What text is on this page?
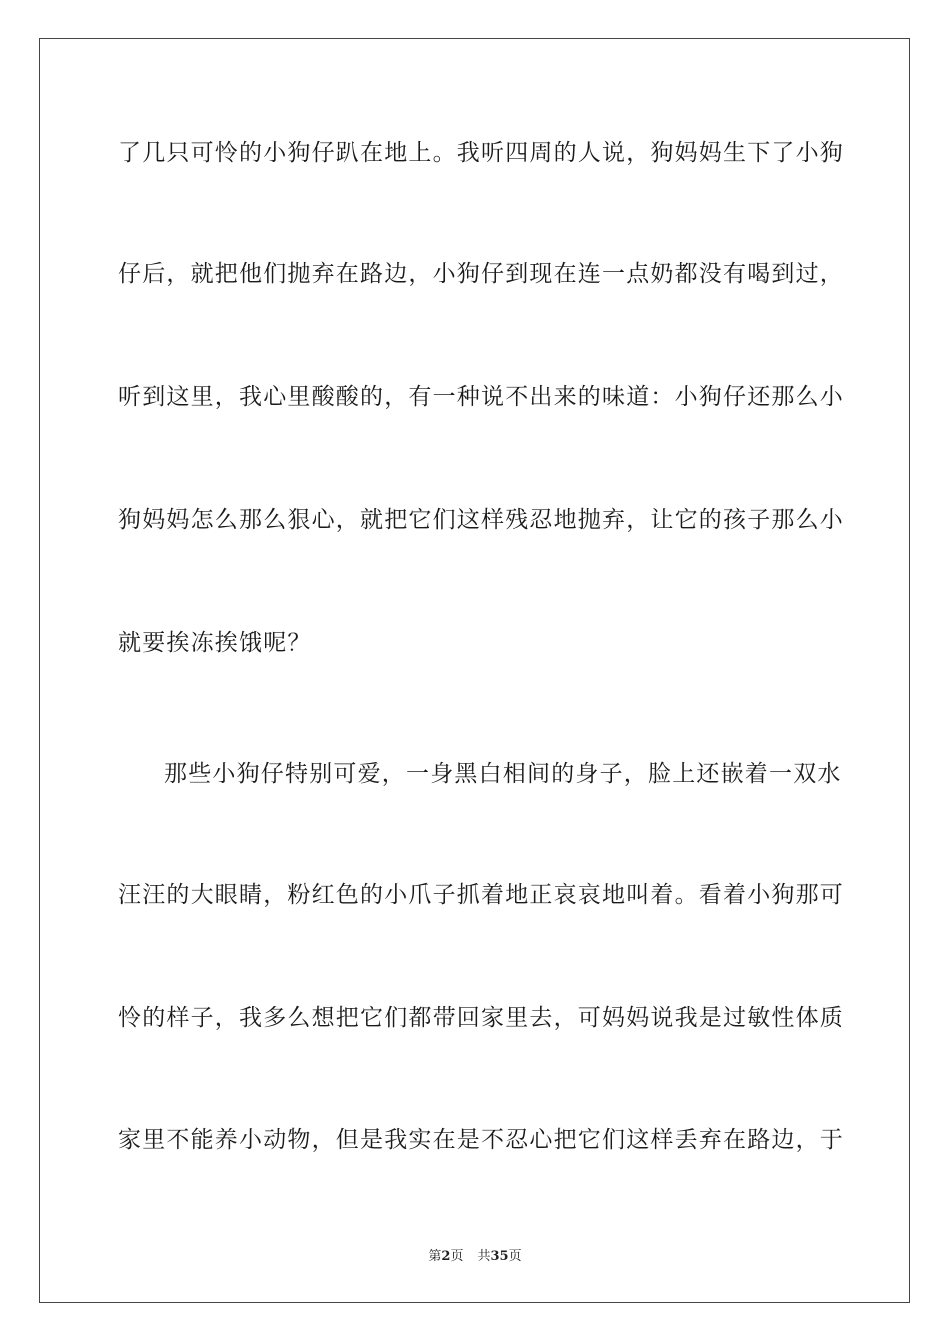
了几只可怜的小狗仔趴在地上。我听四周的人说，狗妈妈生下了小狗
仔后，就把他们抛弃在路边，小狗仔到现在连一点奶都没有喝到过，
听到这里，我心里酸酸的，有一种说不出来的味道：小狗仔还那么小
狗妈妈怎么那么狠心，就把它们这样残忍地抛弃，让它的孩子那么小
就要挨冻挨饿呢？
那些小狗仔特别可爱，一身黑白相间的身子，脸上还嵌着一双水
汪汪的大眼睛，粉红色的小爪子抓着地正哀哀地叫着。看着小狗那可
怜的样子，我多么想把它们都带回家里去，可妈妈说我是过敏性体质
家里不能养小动物，但是我实在是不忍心把它们这样丢弃在路边，于
第2页 共35页
